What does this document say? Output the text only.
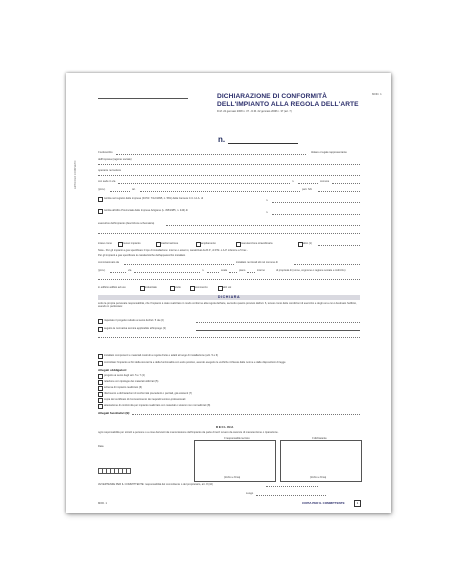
DICHIARAZIONE DI CONFORMITÀ
DELL'IMPIANTO ALLA REGOLA DELL'ARTE
D.M. 22 gennaio 2008 n. 37 - D.M. 22 gennaio 2008 n. 37 (art. 7)
MOD. 1
n.
ARTICOLO COMPLETO
Il sottoscritto	titolare o legale rappresentante
dell'impresa (ragione sociale)
operante nel settore
con sede in via	n.	comune
(prov.)	tel.	part. IVA
iscritta nel registro delle imprese (D.P.R. 7/12/1995, n. 581) della Camera C.C.I.A.A. di
n.
iscritta all'Albo Provinciale delle Imprese Artigiane (L. 8/8/1985, n. 443) di
n.
esecutrice dell'impianto (descrizione schematica)
inteso come	nuovo impianto	trasformazione	ampliamento	manutenzione straordinaria	altro (1)
Nota - Per gli impianti a gas specificare il tipo di installazione: interno o esterno; canalizzati da B.P., di P.M. o A.P. inferiore a 5 bar...
Per gli impianti a gas specificare le caratteristiche dell'apparecchio installato
commissionato da	installato nei locali siti nel comune di
(prov.)	via	n.	scala	piano	interno	di proprietà di (nome, cognome o ragione sociale e indirizzo)
in edificio adibito ad uso	industriale	civile	commercio	altri usi
DICHIARA
sotto la propria personale responsabilità, che l'impianto è stato realizzato in modo conforme alla regola dell'arte, secondo quanto previsto dall'art. 6, tenuto conto delle condizioni di esercizio e degli usi a cui è destinato l'edificio, avendo in particolare:
rispettato il progetto redatto ai sensi dell'art. 5 da (2)
seguito la normativa tecnica applicabile all'impiego (3)
installato componenti e materiali costruiti a regola d'arte e adatti al luogo di installazione (artt. 5 e 6)
controllato l'impianto ai fini della sicurezza e della funzionalità con esito positivo, avendo eseguito le verifiche richieste dalle norme e dalle disposizioni di legge
Allegati obbligatori:
progetto ai sensi degli artt. 5 e 7 (4)
relazione con tipologie dei materiali utilizzati (5)
schema di impianto realizzato (6)
riferimento a dichiarazioni di conformità precedenti o parziali, già esistenti (7)
copia del certificato di riconoscimento dei requisiti tecnico-professionali
attestazione di conformità per impianto realizzato con materiali o sistemi non normalizzati (8)
Allegati facoltativi (9):
DECLINA
ogni responsabilità per sinistri a persone o a cose derivanti da manomissione dell'impianto da parte di terzi ovvero da carenze di manutenzione o riparazione.
Data
Il responsabile tecnico
(timbro e firma)
Il dichiarante
(timbro e firma)
AVVERTENZE PER IL COMMITTENTE: responsabilità del committente o del proprietario, art. 8 (10)
Luogo
MOD. 1	COPIA PER IL COMMITTENTE	1
